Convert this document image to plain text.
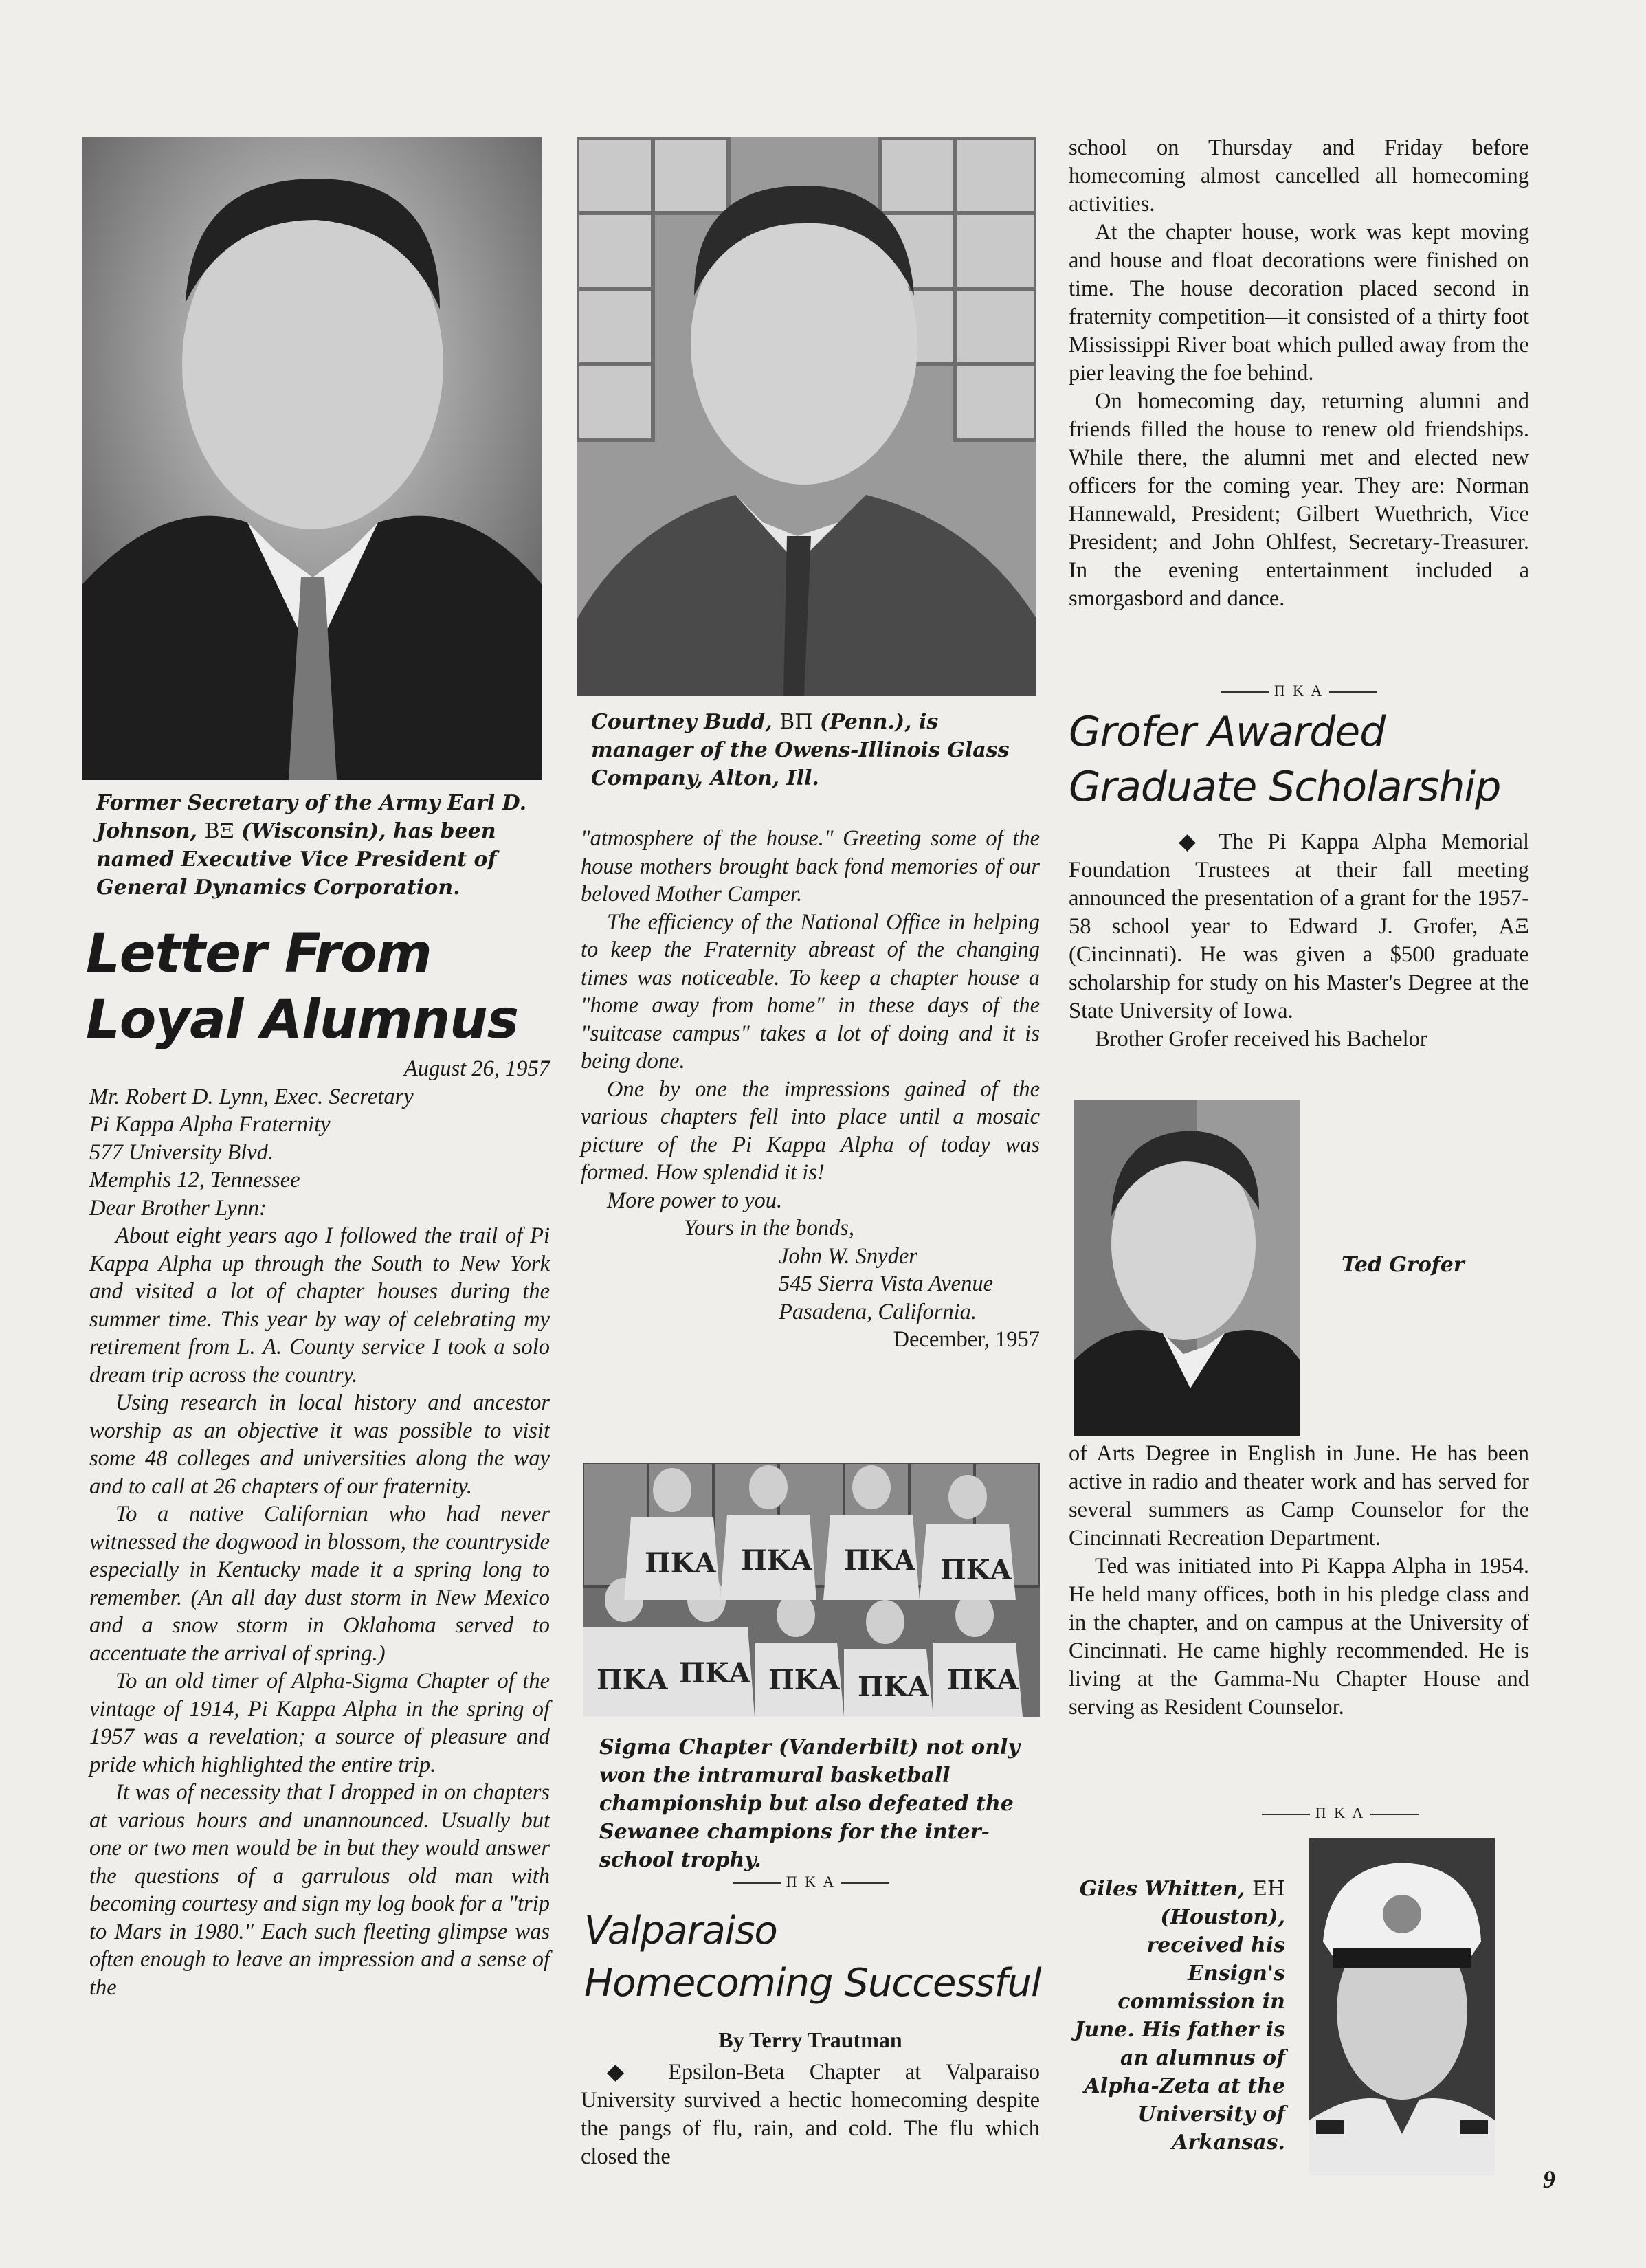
Former Secretary of the Army Earl D. Johnson, ΒΞ (Wisconsin), has been named Executive Vice President of General Dynamics Corporation.
Letter From
Loyal Alumnus
August 26, 1957
Mr. Robert D. Lynn, Exec. Secretary
Pi Kappa Alpha Fraternity
577 University Blvd.
Memphis 12, Tennessee
Dear Brother Lynn:

About eight years ago I followed the trail of Pi Kappa Alpha up through the South to New York and visited a lot of chapter houses during the summer time. This year by way of celebrating my retirement from L. A. County service I took a solo dream trip across the country.

Using research in local history and ancestor worship as an objective it was possible to visit some 48 colleges and universities along the way and to call at 26 chapters of our fraternity.

To a native Californian who had never witnessed the dogwood in blossom, the countryside especially in Kentucky made it a spring long to remember. (An all day dust storm in New Mexico and a snow storm in Oklahoma served to accentuate the arrival of spring.)

To an old timer of Alpha-Sigma Chapter of the vintage of 1914, Pi Kappa Alpha in the spring of 1957 was a revelation; a source of pleasure and pride which highlighted the entire trip.

It was of necessity that I dropped in on chapters at various hours and unannounced. Usually but one or two men would be in but they would answer the questions of a garrulous old man with becoming courtesy and sign my log book for a "trip to Mars in 1980." Each such fleeting glimpse was often enough to leave an impression and a sense of the

Courtney Budd, ΒΠ (Penn.), is manager of the Owens-Illinois Glass Company, Alton, Ill.

"atmosphere of the house." Greeting some of the house mothers brought back fond memories of our beloved Mother Camper.

The efficiency of the National Office in helping to keep the Fraternity abreast of the changing times was noticeable. To keep a chapter house a "home away from home" in these days of the "suitcase campus" takes a lot of doing and it is being done.

One by one the impressions gained of the various chapters fell into place until a mosaic picture of the Pi Kappa Alpha of today was formed. How splendid it is!

More power to you.
Yours in the bonds,
John W. Snyder
545 Sierra Vista Avenue
Pasadena, California.
December, 1957
ΠΚΑ ΠΚΑ ΠΚΑ ΠΚΑ
ΠΚΑ ΠΚΑ ΠΚΑ ΠΚΑ ΠΚΑ
Sigma Chapter (Vanderbilt) not only won the intramural basketball championship but also defeated the Sewanee champions for the inter-school trophy.
Π Κ Α
Valparaiso
Homecoming Successful
By Terry Trautman

◆ Epsilon-Beta Chapter at Valparaiso University survived a hectic homecoming despite the pangs of flu, rain, and cold. The flu which closed the

school on Thursday and Friday before homecoming almost cancelled all homecoming activities.

At the chapter house, work was kept moving and house and float decorations were finished on time. The house decoration placed second in fraternity competition—it consisted of a thirty foot Mississippi River boat which pulled away from the pier leaving the foe behind.

On homecoming day, returning alumni and friends filled the house to renew old friendships. While there, the alumni met and elected new officers for the coming year. They are: Norman Hannewald, President; Gilbert Wuethrich, Vice President; and John Ohlfest, Secretary-Treasurer. In the evening entertainment included a smorgasbord and dance.

Π Κ Α
Grofer Awarded
Graduate Scholarship

◆ The Pi Kappa Alpha Memorial Foundation Trustees at their fall meeting announced the presentation of a grant for the 1957-58 school year to Edward J. Grofer, ΑΞ (Cincinnati). He was given a $500 graduate scholarship for study on his Master's Degree at the State University of Iowa.

Brother Grofer received his Bachelor

Ted Grofer

of Arts Degree in English in June. He has been active in radio and theater work and has served for several summers as Camp Counselor for the Cincinnati Recreation Department.

Ted was initiated into Pi Kappa Alpha in 1954. He held many offices, both in his pledge class and in the chapter, and on campus at the University of Cincinnati. He came highly recommended. He is living at the Gamma-Nu Chapter House and serving as Resident Counselor.

Π Κ Α
Giles Whitten, ΕΗ (Houston), received his Ensign's commission in June. His father is an alumnus of Alpha-Zeta at the University of Arkansas.
9
